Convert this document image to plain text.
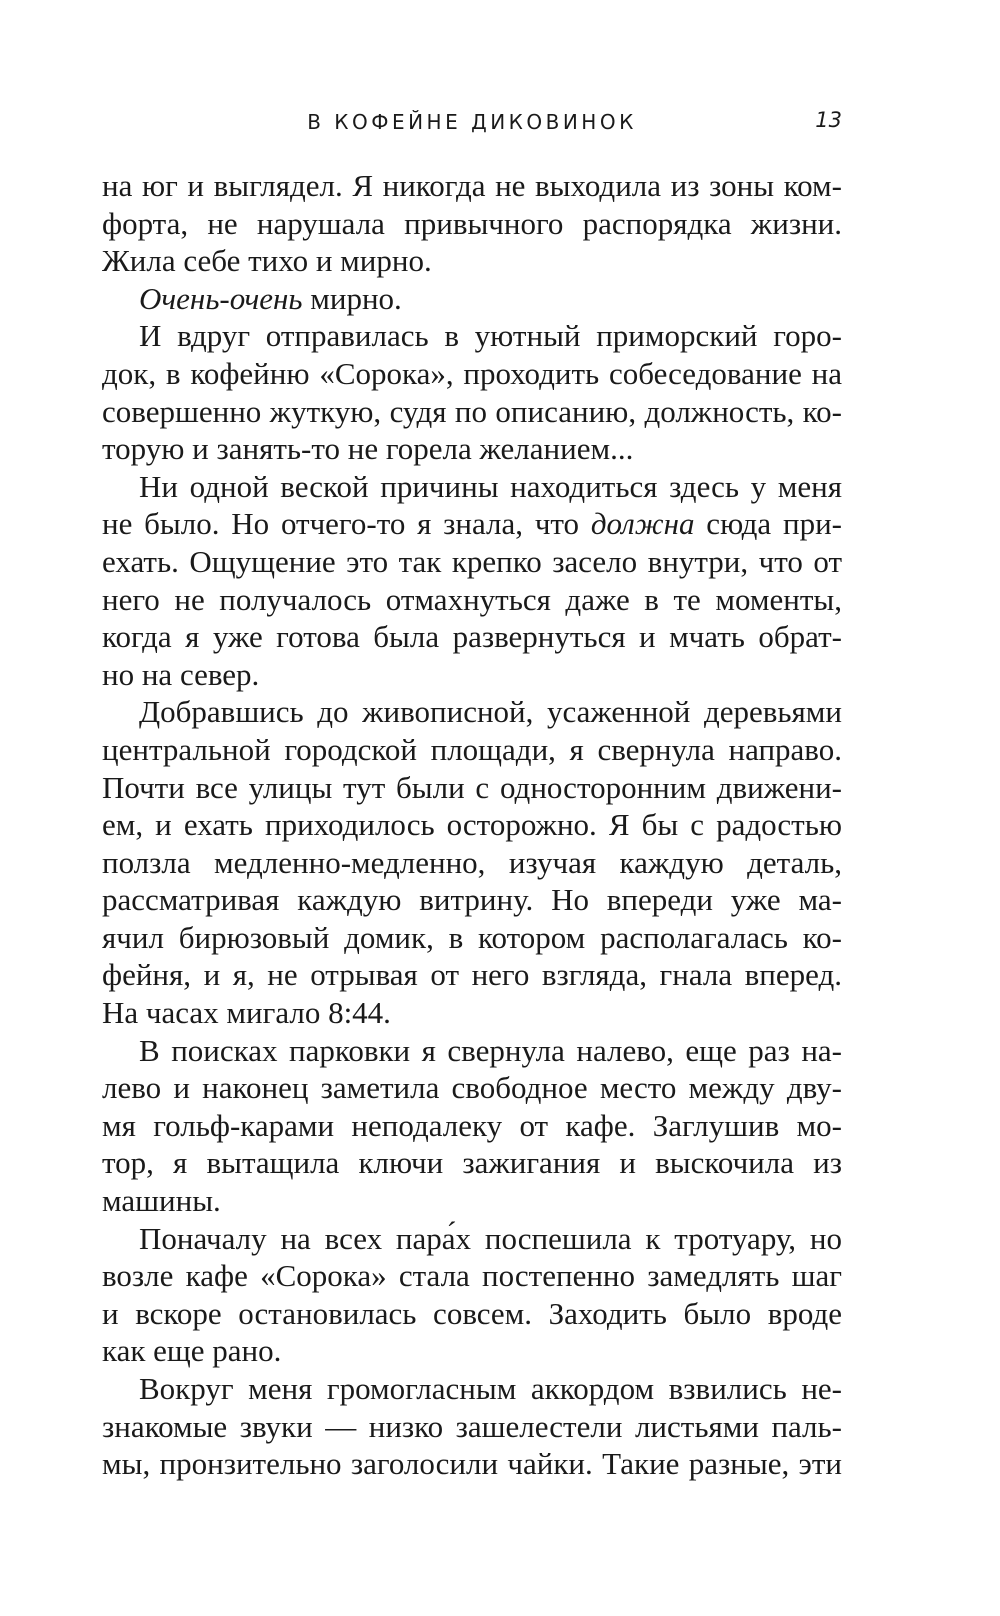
В КОФЕЙНЕ ДИКОВИНОК	13
на юг и выглядел. Я никогда не выходила из зоны ком-
форта, не нарушала привычного распорядка жизни.
Жила себе тихо и мирно.
Очень-очень мирно.
И вдруг отправилась в уютный приморский горо-
док, в кофейню «Сорока», проходить собеседование на
совершенно жуткую, судя по описанию, должность, ко-
торую и занять-то не горела желанием...
Ни одной веской причины находиться здесь у меня
не было. Но отчего-то я знала, что должна сюда при-
ехать. Ощущение это так крепко засело внутри, что от
него не получалось отмахнуться даже в те моменты,
когда я уже готова была развернуться и мчать обрат-
но на север.
Добравшись до живописной, усаженной деревьями
центральной городской площади, я свернула направо.
Почти все улицы тут были с односторонним движени-
ем, и ехать приходилось осторожно. Я бы с радостью
ползла медленно-медленно, изучая каждую деталь,
рассматривая каждую витрину. Но впереди уже ма-
ячил бирюзовый домик, в котором располагалась ко-
фейня, и я, не отрывая от него взгляда, гнала вперед.
На часах мигало 8:44.
В поисках парковки я свернула налево, еще раз на-
лево и наконец заметила свободное место между дву-
мя гольф-карами неподалеку от кафе. Заглушив мо-
тор, я вытащила ключи зажигания и выскочила из
машины.
Поначалу на всех пара́х поспешила к тротуару, но
возле кафе «Сорока» стала постепенно замедлять шаг
и вскоре остановилась совсем. Заходить было вроде
как еще рано.
Вокруг меня громогласным аккордом взвились не-
знакомые звуки — низко зашелестели листьями паль-
мы, пронзительно заголосили чайки. Такие разные, эти
